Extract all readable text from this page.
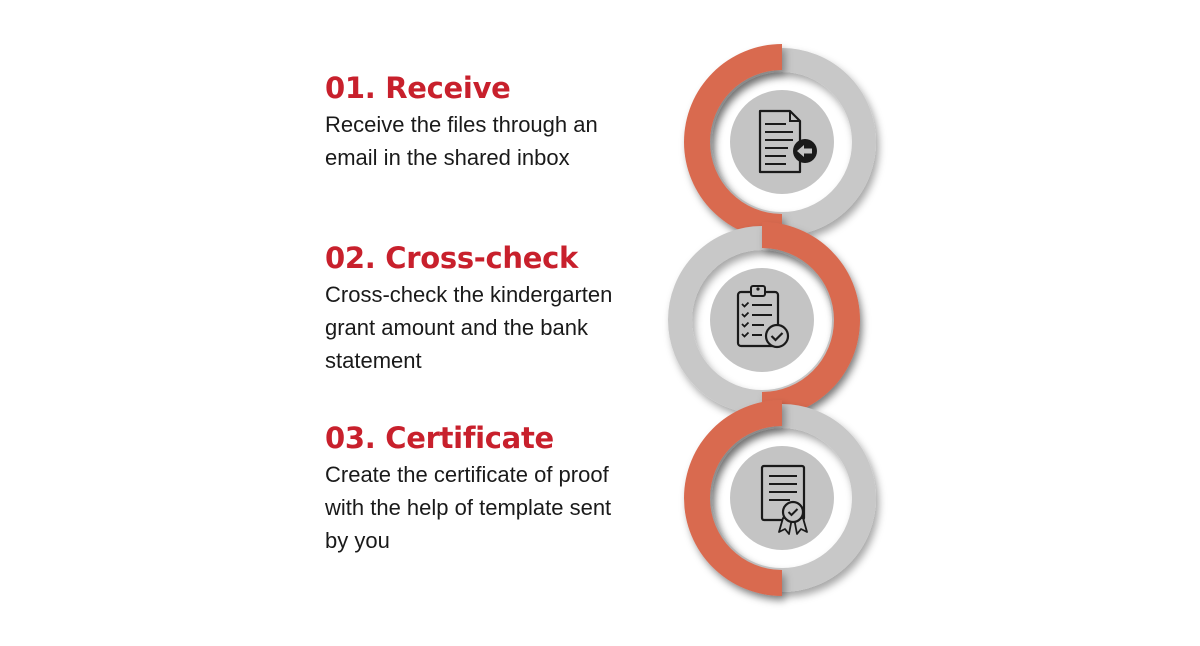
01. Receive

Receive the files through an
email in the shared inbox

02. Cross-check

Cross-check the kindergarten
grant amount and the bank
statement

03. Certificate

Create the certificate of proof
with the help of template sent
by you
